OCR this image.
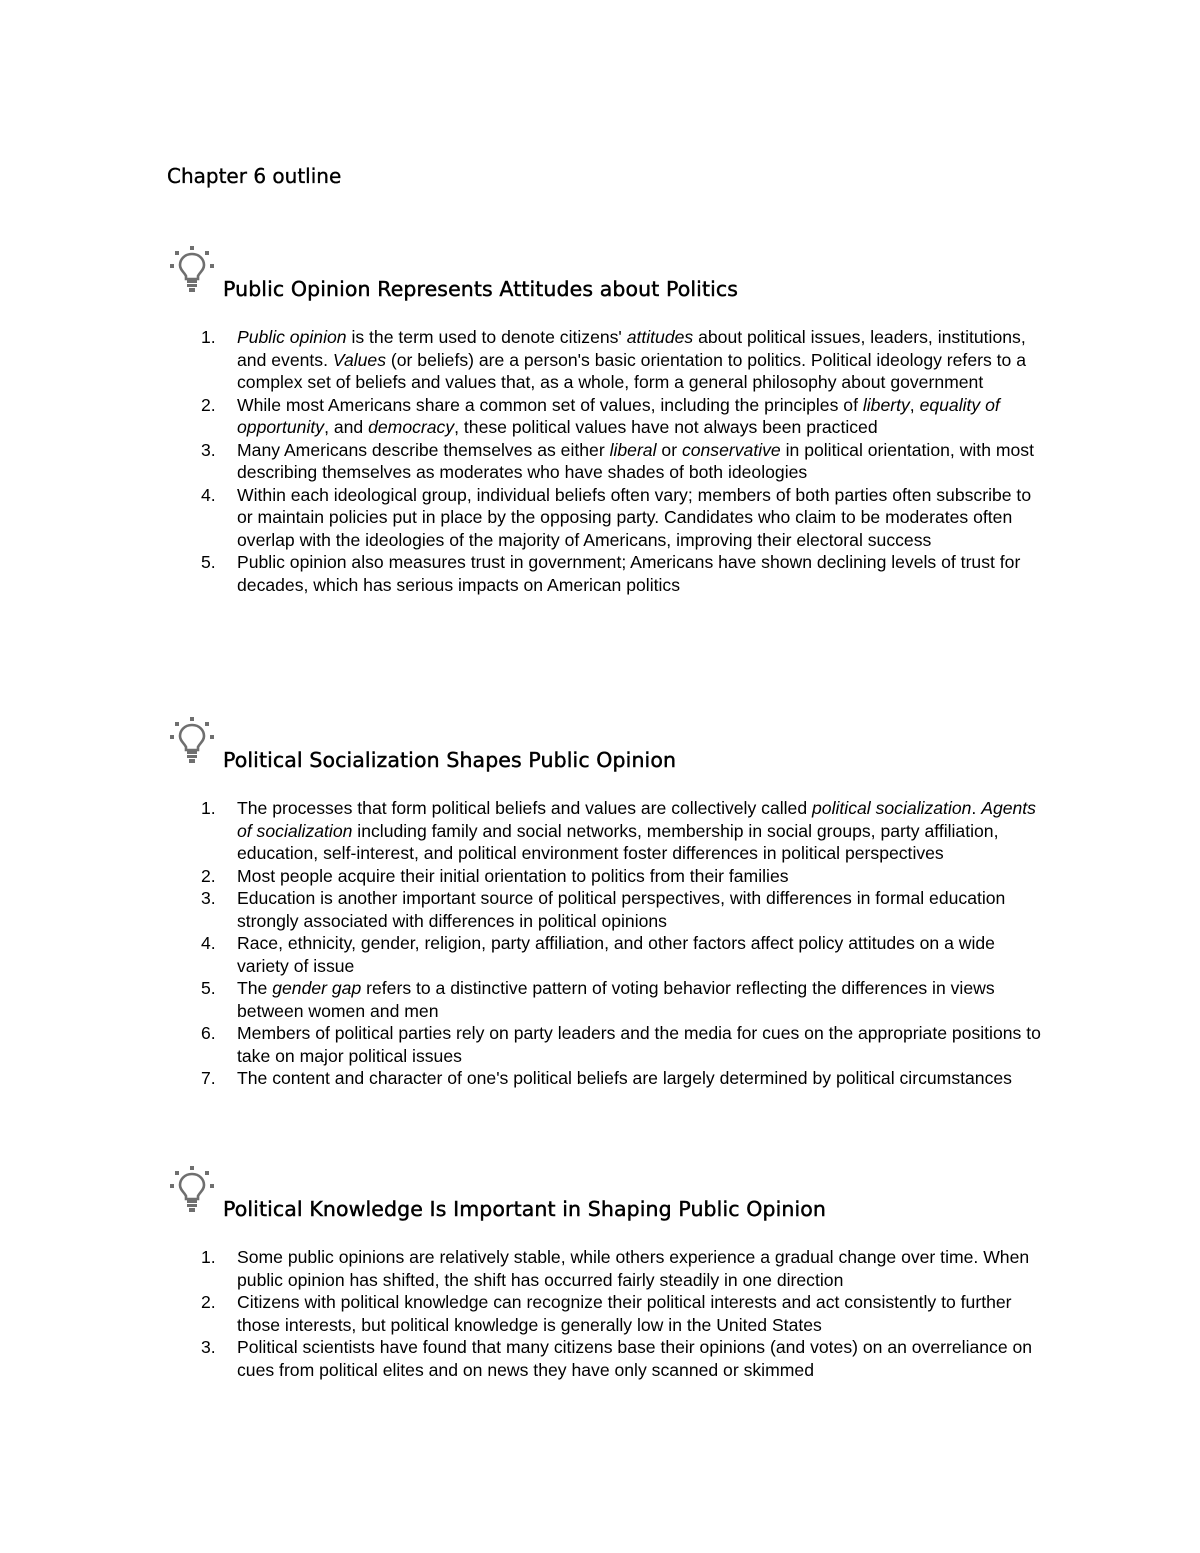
Chapter 6 outline
Public Opinion Represents Attitudes about Politics
1. Public opinion is the term used to denote citizens' attitudes about political issues, leaders, institutions, and events. Values (or beliefs) are a person's basic orientation to politics. Political ideology refers to a complex set of beliefs and values that, as a whole, form a general philosophy about government
2. While most Americans share a common set of values, including the principles of liberty, equality of opportunity, and democracy, these political values have not always been practiced
3. Many Americans describe themselves as either liberal or conservative in political orientation, with most describing themselves as moderates who have shades of both ideologies
4. Within each ideological group, individual beliefs often vary; members of both parties often subscribe to or maintain policies put in place by the opposing party. Candidates who claim to be moderates often overlap with the ideologies of the majority of Americans, improving their electoral success
5. Public opinion also measures trust in government; Americans have shown declining levels of trust for decades, which has serious impacts on American politics
Political Socialization Shapes Public Opinion
1. The processes that form political beliefs and values are collectively called political socialization. Agents of socialization including family and social networks, membership in social groups, party affiliation, education, self-interest, and political environment foster differences in political perspectives
2. Most people acquire their initial orientation to politics from their families
3. Education is another important source of political perspectives, with differences in formal education strongly associated with differences in political opinions
4. Race, ethnicity, gender, religion, party affiliation, and other factors affect policy attitudes on a wide variety of issue
5. The gender gap refers to a distinctive pattern of voting behavior reflecting the differences in views between women and men
6. Members of political parties rely on party leaders and the media for cues on the appropriate positions to take on major political issues
7. The content and character of one's political beliefs are largely determined by political circumstances
Political Knowledge Is Important in Shaping Public Opinion
1. Some public opinions are relatively stable, while others experience a gradual change over time. When public opinion has shifted, the shift has occurred fairly steadily in one direction
2. Citizens with political knowledge can recognize their political interests and act consistently to further those interests, but political knowledge is generally low in the United States
3. Political scientists have found that many citizens base their opinions (and votes) on an overreliance on cues from political elites and on news they have only scanned or skimmed
